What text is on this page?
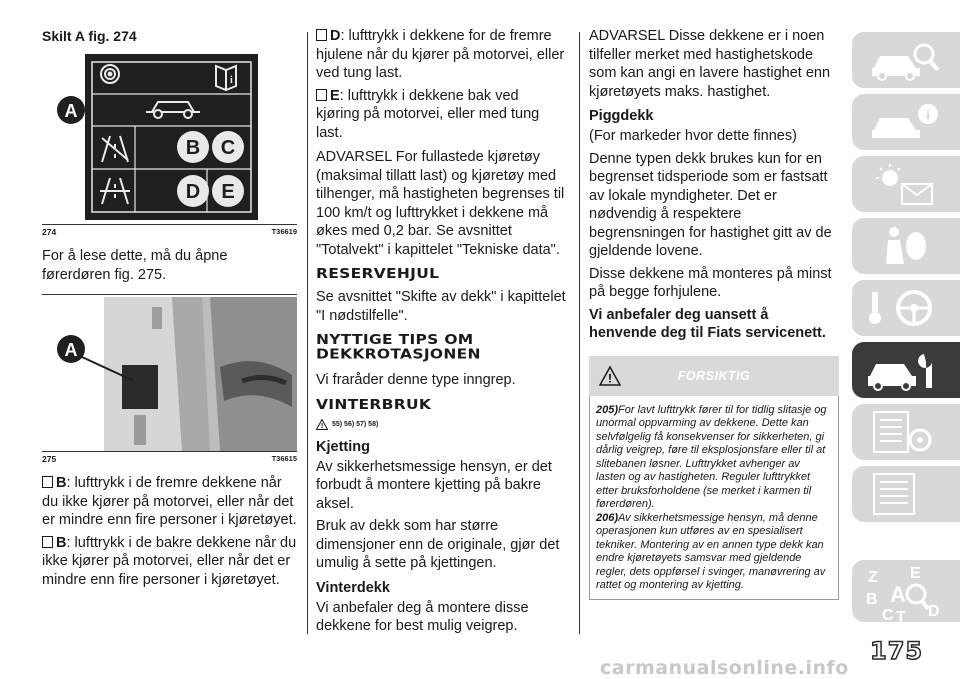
Skilt A fig. 274
i
B C
D E
A
274	T36619

For å lese dette, må du åpne førerdøren fig. 275.

A
275	T36615

B: lufttrykk i de fremre dekkene når du ikke kjører på motorvei, eller når det er mindre enn fire personer i kjøretøyet.

B: lufttrykk i de bakre dekkene når du ikke kjører på motorvei, eller når det er mindre enn fire personer i kjøretøyet.

D: lufttrykk i dekkene for de fremre hjulene når du kjører på motorvei, eller ved tung last.

E: lufttrykk i dekkene bak ved kjøring på motorvei, eller med tung last.

ADVARSEL For fullastede kjøretøy (maksimal tillatt last) og kjøretøy med tilhenger, må hastigheten begrenses til 100 km/t og lufttrykket i dekkene må økes med 0,2 bar. Se avsnittet "Totalvekt" i kapittelet "Tekniske data".

RESERVEHJUL

Se avsnittet "Skifte av dekk" i kapittelet "I nødstilfelle".

NYTTIGE TIPS OM DEKKROTASJONEN

Vi fraråder denne type inngrep.

VINTERBRUK
! 55) 56) 57) 58)
Kjetting

Av sikkerhetsmessige hensyn, er det forbudt å montere kjetting på bakre aksel.

Bruk av dekk som har større dimensjoner enn de originale, gjør det umulig å sette på kjettingen.

Vinterdekk

Vi anbefaler deg å montere disse dekkene for best mulig veigrep.

ADVARSEL Disse dekkene er i noen tilfeller merket med hastighetskode som kan angi en lavere hastighet enn kjøretøyets maks. hastighet.

Piggdekk

(For markeder hvor dette finnes)

Denne typen dekk brukes kun for en begrenset tidsperiode som er fastsatt av lokale myndigheter. Det er nødvendig å respektere begrensningen for hastighet gitt av de gjeldende lovene.

Disse dekkene må monteres på minst på begge forhjulene.

Vi anbefaler deg uansett å henvende deg til Fiats servicenett.
!	FORSIKTIG
205)For lavt lufttrykk fører til for tidlig slitasje og unormal oppvarming av dekkene. Dette kan selvfølgelig få konsekvenser for sikkerheten, gi dårlig veigrep, føre til eksplosjonsfare eller til at slitebanen løsner. Lufttrykket avhenger av lasten og av hastigheten. Reguler lufttrykket etter bruksforholdene (se merket i karmen til førerdøren).
206)Av sikkerhetsmessige hensyn, må denne operasjonen kun utføres av en spesialisert tekniker. Montering av en annen type dekk kan endre kjøretøyets samsvar med gjeldende regler, dets oppførsel i svinger, manøvrering av rattet og montering av kjetting.
i
Z E
B A
C T D
175
carmanualsonline.info
